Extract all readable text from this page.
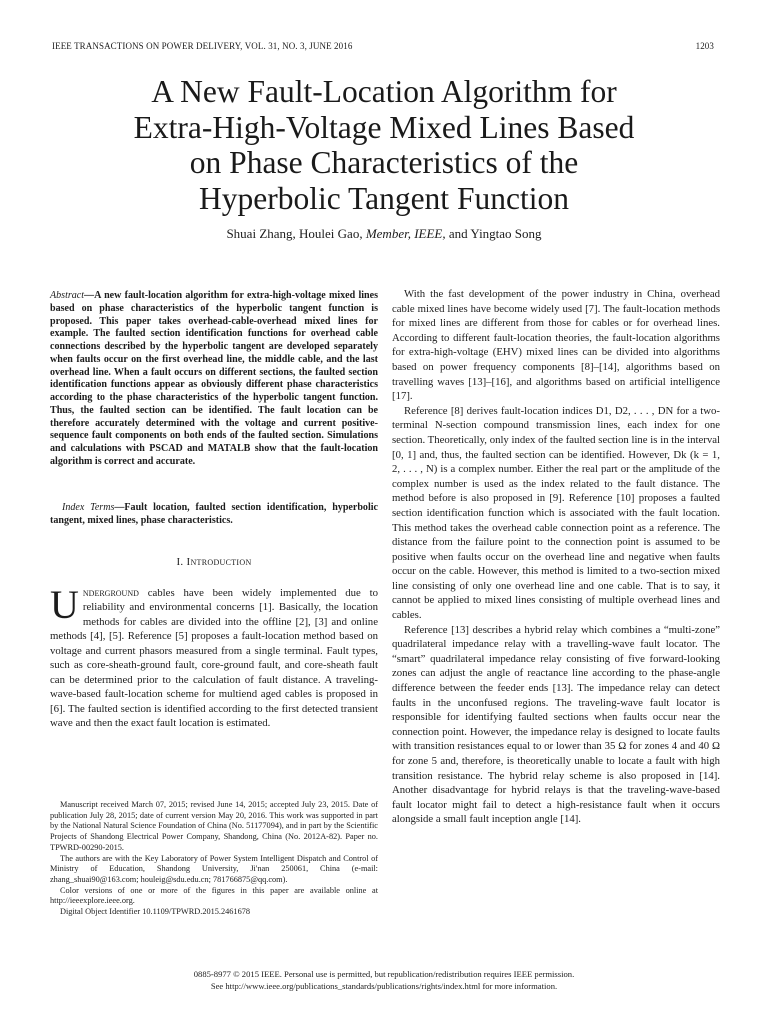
IEEE TRANSACTIONS ON POWER DELIVERY, VOL. 31, NO. 3, JUNE 2016	1203
A New Fault-Location Algorithm for
Extra-High-Voltage Mixed Lines Based
on Phase Characteristics of the
Hyperbolic Tangent Function
Shuai Zhang, Houlei Gao, Member, IEEE, and Yingtao Song
Abstract—A new fault-location algorithm for extra-high-voltage mixed lines based on phase characteristics of the hyperbolic tangent function is proposed. This paper takes overhead-cable-overhead mixed lines for example. The faulted section identification functions for overhead cable connections described by the hyperbolic tangent are developed separately when faults occur on the first overhead line, the middle cable, and the last overhead line. When a fault occurs on different sections, the faulted section identification functions appear as obviously different phase characteristics according to the phase characteristics of the hyperbolic tangent function. Thus, the faulted section can be identified. The fault location can be therefore accurately determined with the voltage and current positive-sequence fault components on both ends of the faulted section. Simulations and calculations with PSCAD and MATALB show that the fault-location algorithm is correct and accurate.
Index Terms—Fault location, faulted section identification, hyperbolic tangent, mixed lines, phase characteristics.
I. Introduction
Underground cables have been widely implemented due to reliability and environmental concerns [1]. Basically, the location methods for cables are divided into the offline [2], [3] and online methods [4], [5]. Reference [5] proposes a fault-location method based on voltage and current phasors measured from a single terminal. Fault types, such as core-sheath-ground fault, core-ground fault, and core-sheath fault can be determined prior to the calculation of fault distance. A traveling-wave-based fault-location scheme for multiend aged cables is proposed in [6]. The faulted section is identified according to the first detected transient wave and then the exact fault location is estimated.

Manuscript received March 07, 2015; revised June 14, 2015; accepted July 23, 2015. Date of publication July 28, 2015; date of current version May 20, 2016. This work was supported in part by the National Natural Science Foundation of China (No. 51177094), and in part by the Scientific Projects of Shandong Electrical Power Company, Shandong, China (No. 2012A-82). Paper no. TPWRD-00290-2015.

The authors are with the Key Laboratory of Power System Intelligent Dispatch and Control of Ministry of Education, Shandong University, Ji'nan 250061, China (e-mail: zhang_shuai90@163.com; houleig@sdu.edu.cn; 781766875@qq.com).

Color versions of one or more of the figures in this paper are available online at http://ieeexplore.ieee.org.

Digital Object Identifier 10.1109/TPWRD.2015.2461678

With the fast development of the power industry in China, overhead cable mixed lines have become widely used [7]. The fault-location methods for mixed lines are different from those for cables or for overhead lines. According to different fault-location theories, the fault-location algorithms for extra-high-voltage (EHV) mixed lines can be divided into algorithms based on power frequency components [8]–[14], algorithms based on travelling waves [13]–[16], and algorithms based on artificial intelligence [17].

Reference [8] derives fault-location indices D1, D2, . . . , DN for a two-terminal N-section compound transmission lines, each index for one section. Theoretically, only index of the faulted section line is in the interval [0, 1] and, thus, the faulted section can be identified. However, Dk (k = 1, 2, . . . , N) is a complex number. Either the real part or the amplitude of the complex number is used as the index related to the fault distance. The method before is also proposed in [9]. Reference [10] proposes a faulted section identification function which is associated with the fault location. This method takes the overhead cable connection point as a reference. The distance from the failure point to the connection point is assumed to be positive when faults occur on the overhead line and negative when faults occur on the cable. However, this method is limited to a two-section mixed line consisting of only one overhead line and one cable. That is to say, it cannot be applied to mixed lines consisting of multiple overhead lines and cables.

Reference [13] describes a hybrid relay which combines a “multi-zone” quadrilateral impedance relay with a travelling-wave fault locator. The “smart” quadrilateral impedance relay consisting of five forward-looking zones can adjust the angle of reactance line according to the phase-angle difference between the feeder ends [13]. The impedance relay can detect faults in the unconfused regions. The traveling-wave fault locator is responsible for identifying faulted sections when faults occur near the connection point. However, the impedance relay is designed to locate faults with transition resistances equal to or lower than 35 Ω for zones 4 and 40 Ω for zone 5 and, therefore, is theoretically unable to locate a fault with high transition resistance. The hybrid relay scheme is also proposed in [14]. Another disadvantage for hybrid relays is that the traveling-wave-based fault locator might fail to detect a high-resistance fault when it occurs alongside a small fault inception angle [14].

0885-8977 © 2015 IEEE. Personal use is permitted, but republication/redistribution requires IEEE permission.
See http://www.ieee.org/publications_standards/publications/rights/index.html for more information.
